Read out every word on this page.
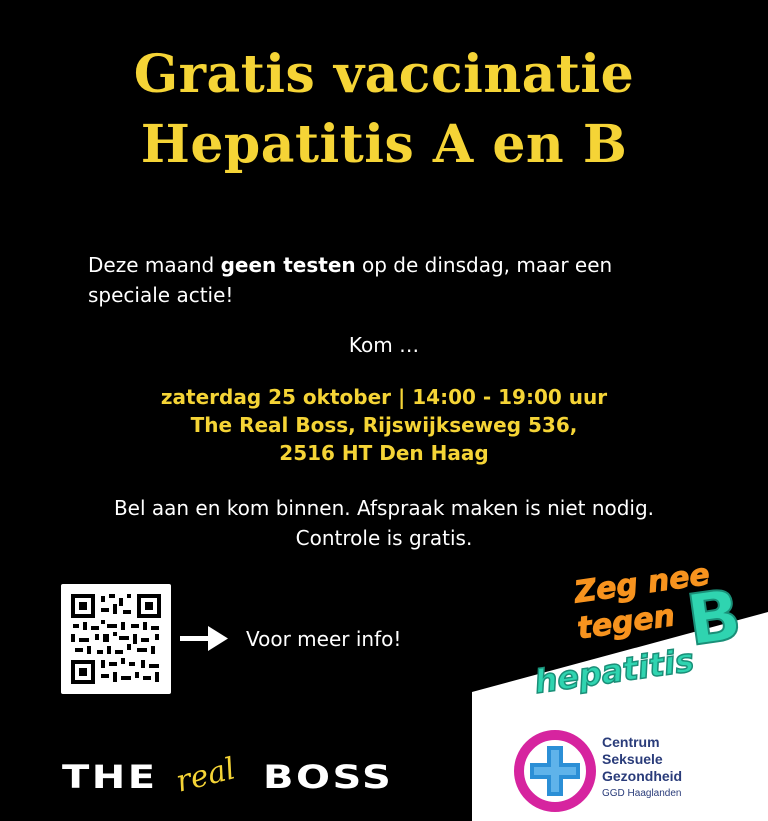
Gratis vaccinatie
Hepatitis A en B
Deze maand geen testen op de dinsdag, maar een speciale actie!
Kom …
zaterdag 25 oktober | 14:00 - 19:00 uur
The Real Boss, Rijswijkseweg 536,
2516 HT Den Haag
Bel aan en kom binnen. Afspraak maken is niet nodig. Controle is gratis.
Voor meer info!
Zeg nee
tegen B
hepatitis
THE real BOSS
Centrum
Seksuele
Gezondheid
GGD Haaglanden
